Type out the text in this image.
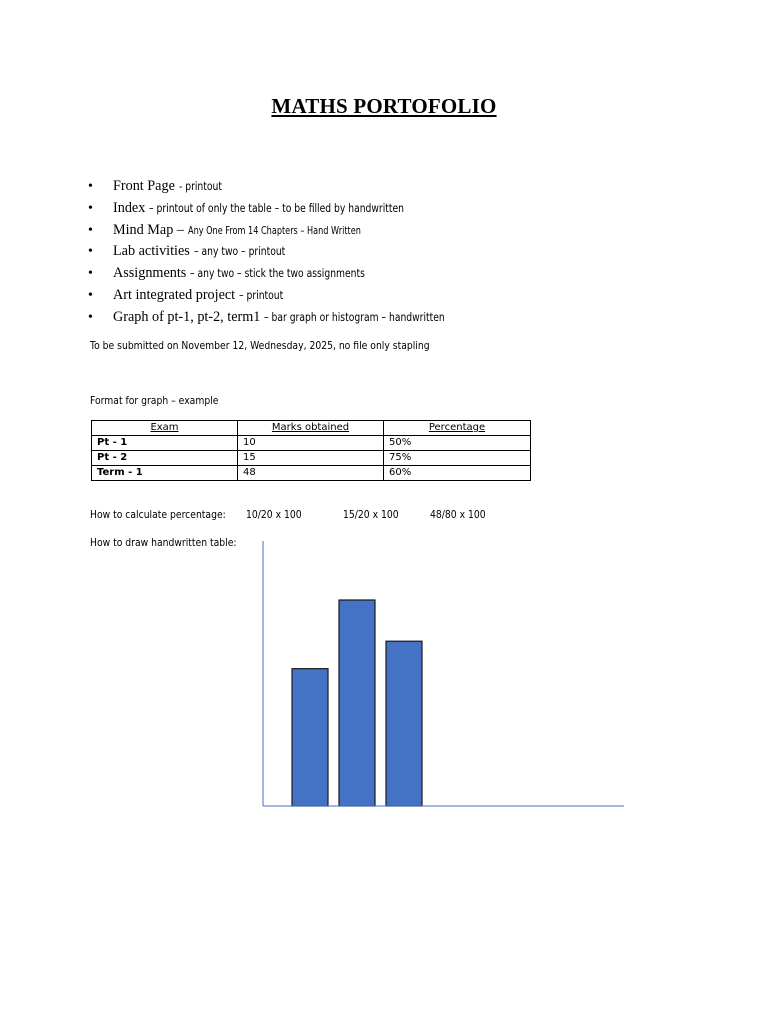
MATHS PORTOFOLIO
•	Front Page - printout
•	Index – printout of only the table – to be filled by handwritten
•	Mind Map – Any One From 14 Chapters – Hand Written
•	Lab activities – any two – printout
•	Assignments – any two – stick the two assignments
•	Art integrated project – printout
•	Graph of pt-1, pt-2, term1 – bar graph or histogram – handwritten
To be submitted on November 12, Wednesday, 2025, no file only stapling
Format for graph – example
Exam	Marks obtained	Percentage
Pt - 1	10	50%
Pt - 2	15	75%
Term - 1	48	60%
How to calculate percentage: 10/20 x 100	15/20 x 100	48/80 x 100
How to draw handwritten table:
